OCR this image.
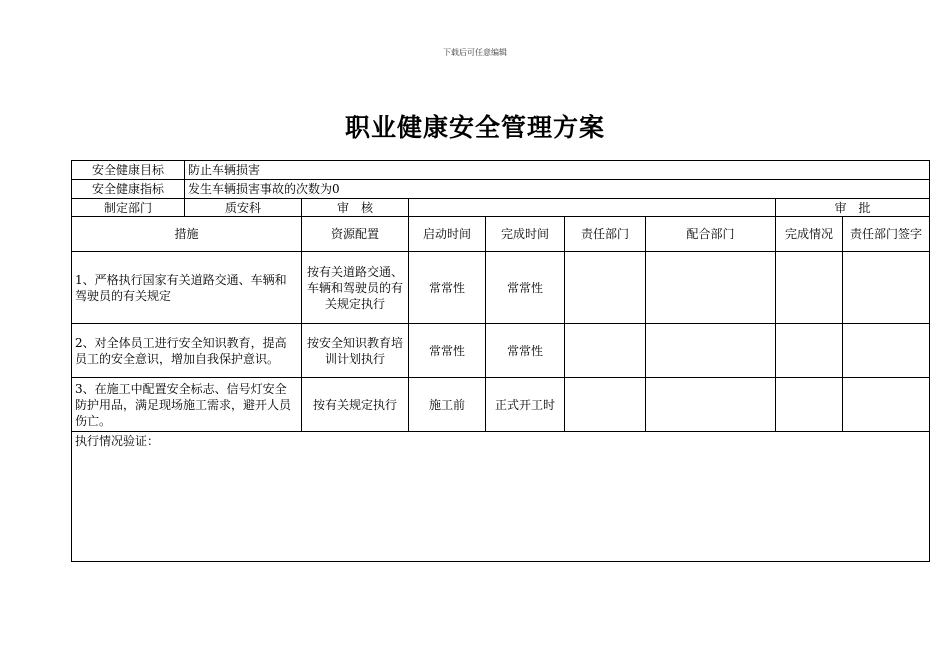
下载后可任意编辑
职业健康安全管理方案
安全健康目标	防止车辆损害							
安全健康指标	发生车辆损害事故的次数为0							
制定部门	质安科	审　核					审　批	
措施		资源配置	启动时间	完成时间	责任部门	配合部门	完成情况	责任部门签字
1、严格执行国家有关道路交通、车辆和驾驶员的有关规定		按有关道路交通、车辆和驾驶员的有关规定执行	常常性	常常性				
2、对全体员工进行安全知识教育，提高员工的安全意识，增加自我保护意识。		按安全知识教育培训计划执行	常常性	常常性				
3、在施工中配置安全标志、信号灯安全防护用品，满足现场施工需求，避开人员伤亡。		按有关规定执行	施工前	正式开工时				
执行情况验证：								
